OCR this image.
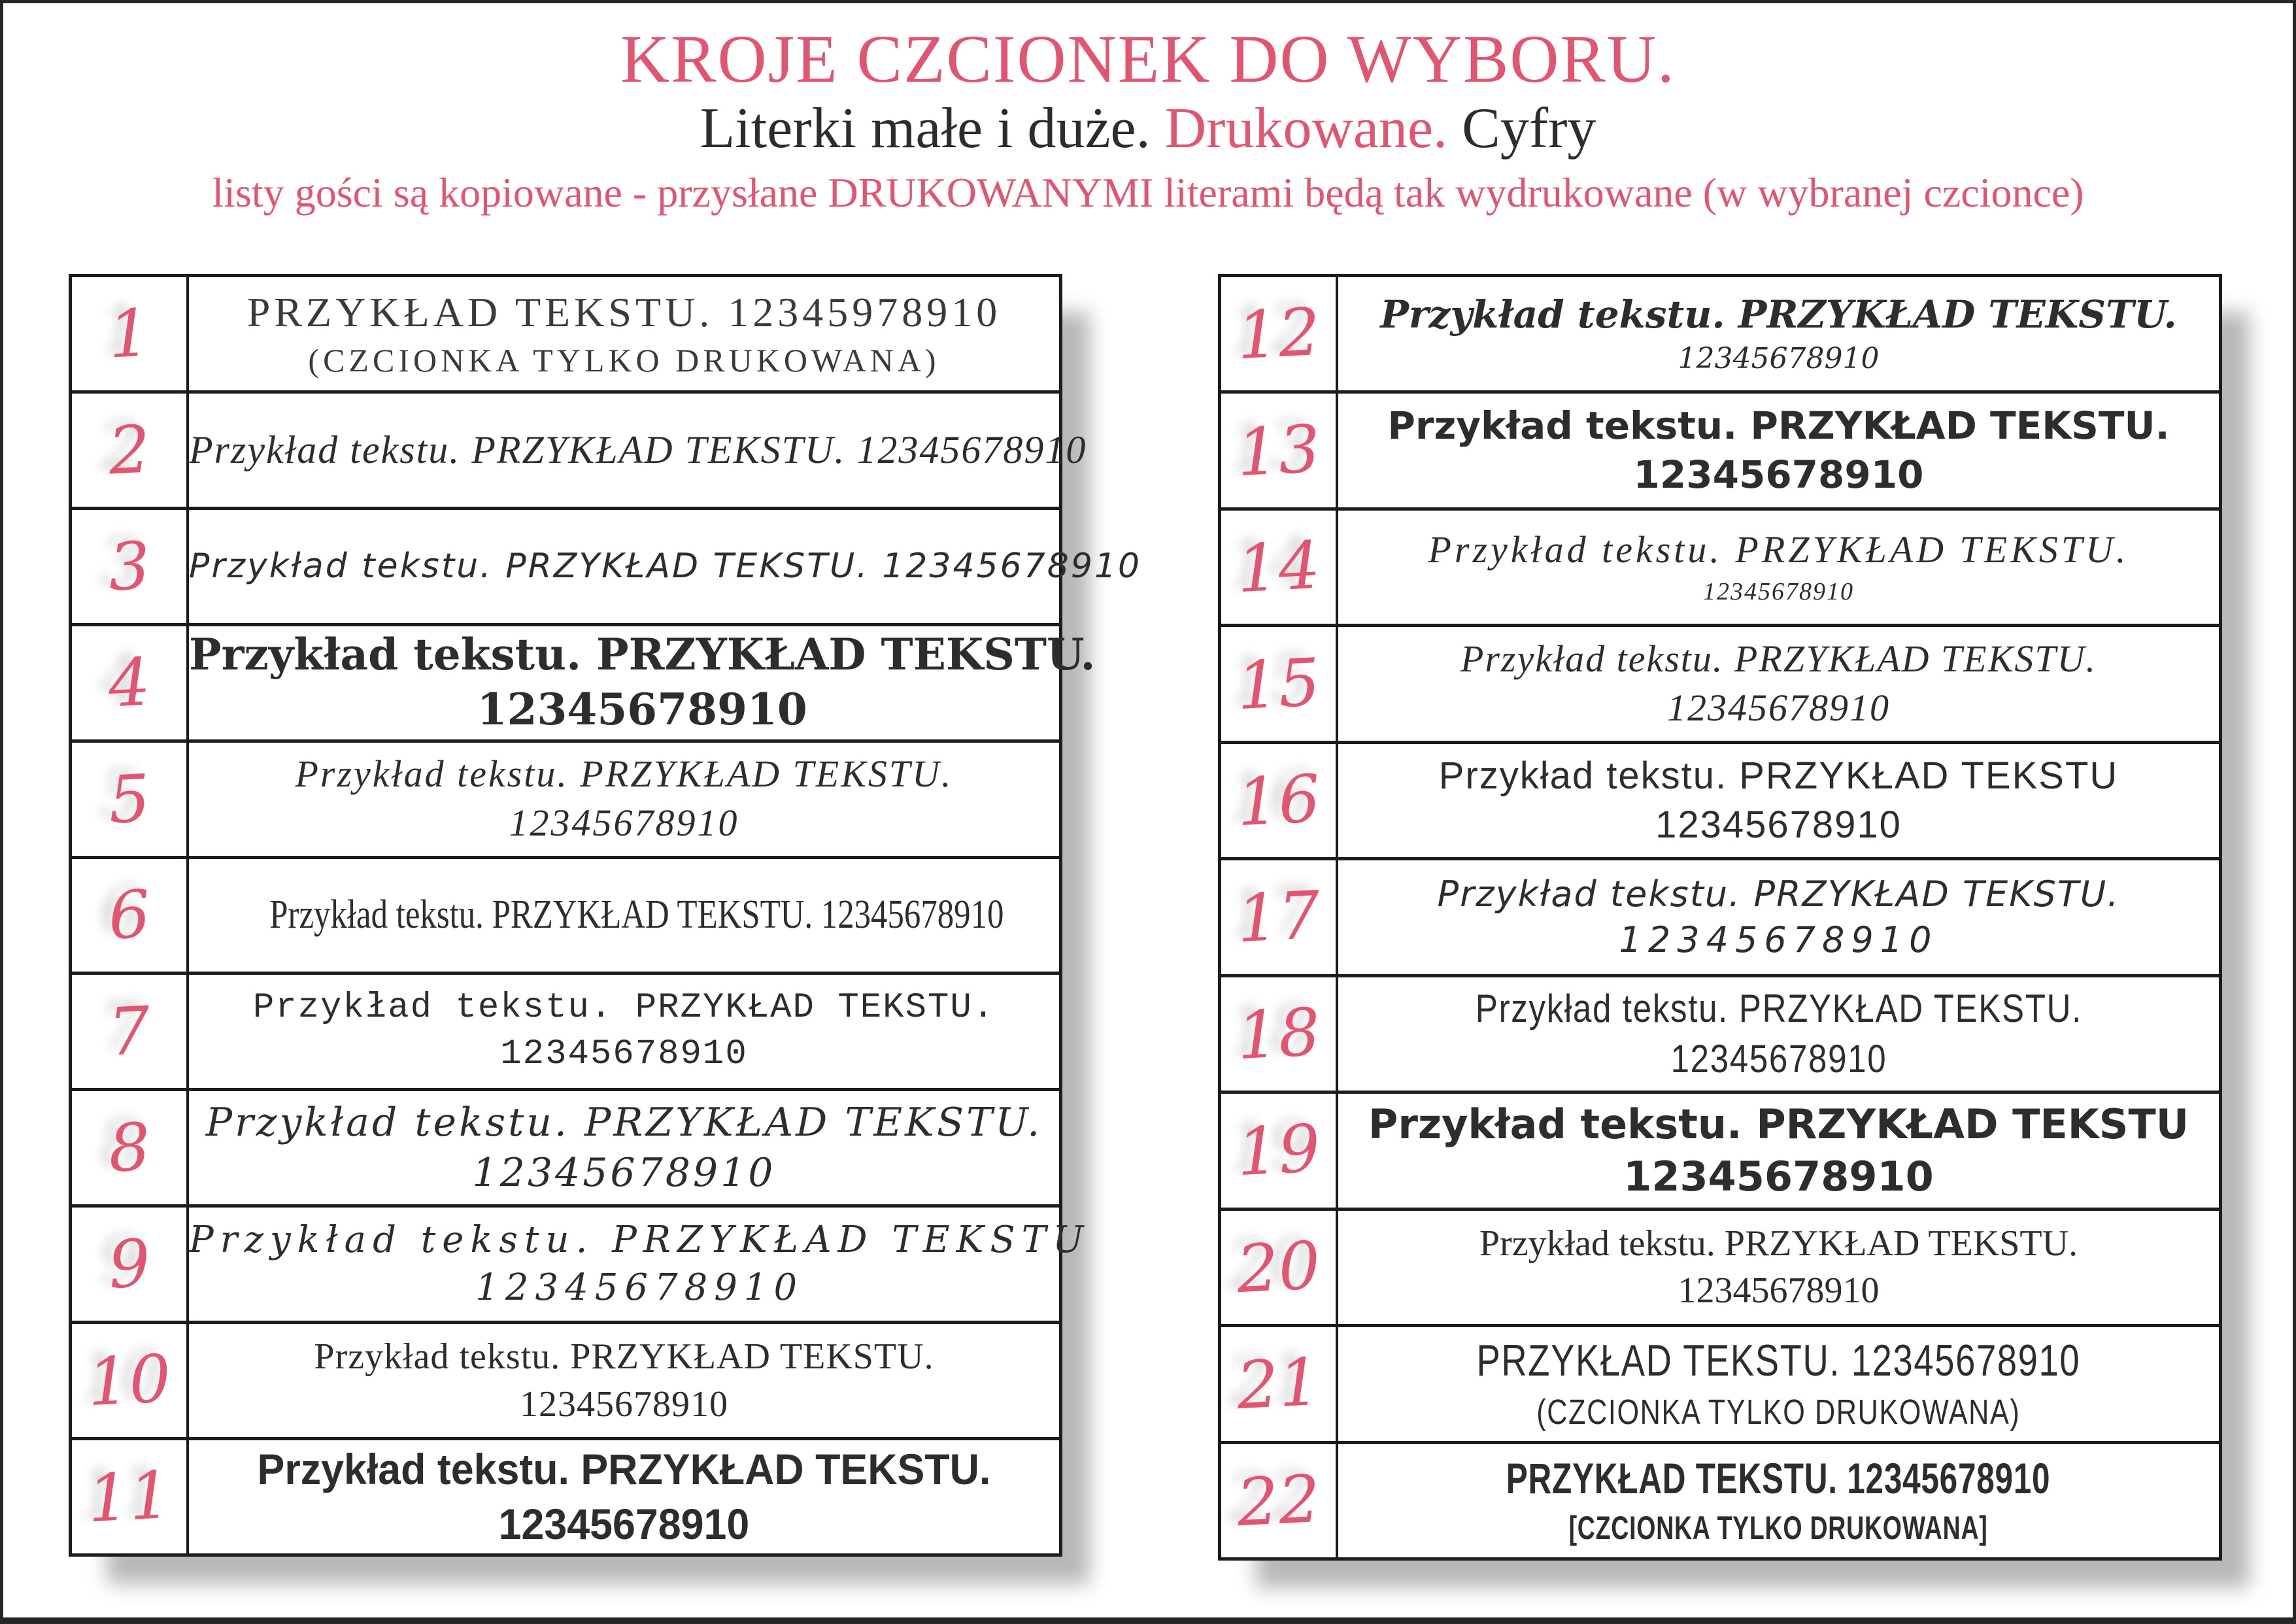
KROJE CZCIONEK DO WYBORU.
Literki małe i duże. Drukowane. Cyfry
listy gości są kopiowane - przysłane DRUKOWANYMI literami będą tak wydrukowane (w wybranej czcionce)
1 PRZYKŁAD TEKSTU. 12345978910
(CZCIONKA TYLKO DRUKOWANA)
2 Przykład tekstu. PRZYKŁAD TEKSTU. 12345678910
3 Przykład tekstu. PRZYKŁAD TEKSTU. 12345678910
4 Przykład tekstu. PRZYKŁAD TEKSTU.
12345678910
5	Przykład tekstu. PRZYKŁAD TEKSTU.
12345678910
6	Przykład tekstu. PRZYKŁAD TEKSTU. 12345678910
7	Przykład tekstu. PRZYKŁAD TEKSTU.
12345678910
8 Przykład tekstu. PRZYKŁAD TEKSTU.
12345678910
9 Przykład tekstu. PRZYKŁAD TEKSTU
12345678910
10	Przykład tekstu. PRZYKŁAD TEKSTU.
12345678910
11 Przykład tekstu. PRZYKŁAD TEKSTU.
12345678910
12 Przykład tekstu. PRZYKŁAD TEKSTU.
12345678910
13 Przykład tekstu. PRZYKŁAD TEKSTU.
12345678910
14	Przykład tekstu. PRZYKŁAD TEKSTU.
12345678910
15	Przykład tekstu. PRZYKŁAD TEKSTU.
12345678910
16	Przykład tekstu. PRZYKŁAD TEKSTU
12345678910
17	Przykład tekstu. PRZYKŁAD TEKSTU.
12345678910
18	Przykład tekstu. PRZYKŁAD TEKSTU.
12345678910
19 Przykład tekstu. PRZYKŁAD TEKSTU
12345678910
20	Przykład tekstu. PRZYKŁAD TEKSTU.
12345678910
21	PRZYKŁAD TEKSTU. 12345678910
(CZCIONKA TYLKO DRUKOWANA)
22	PRZYKŁAD TEKSTU. 12345678910
[CZCIONKA TYLKO DRUKOWANA]
